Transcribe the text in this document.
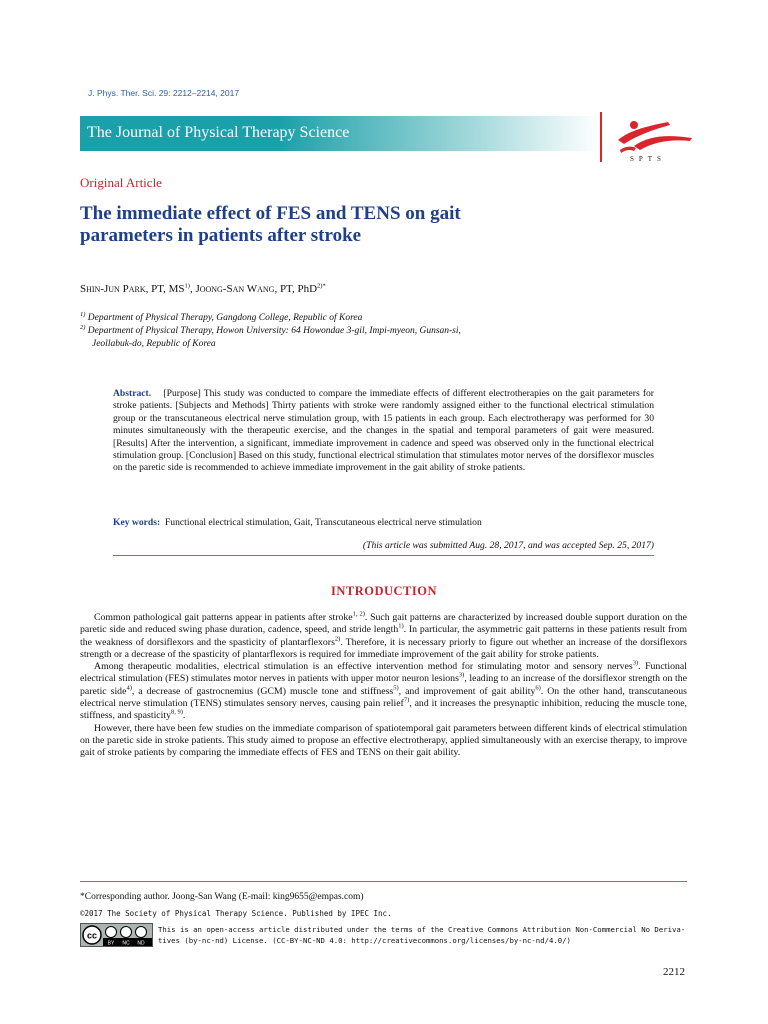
J. Phys. Ther. Sci. 29: 2212–2214, 2017
The Journal of Physical Therapy Science
SPTS
Original Article
The immediate effect of FES and TENS on gait
parameters in patients after stroke
Shin-Jun Park, PT, MS$^{1)}$, Joong-San Wang, PT, PhD$^{2)*}$
$^{1)}$ Department of Physical Therapy, Gangdong College, Republic of Korea
$^{2)}$ Department of Physical Therapy, Howon University: 64 Howondae 3-gil, Impi-myeon, Gunsan-si,
Jeollabuk-do, Republic of Korea
Abstract. [Purpose] This study was conducted to compare the immediate effects of different electrotherapies on the gait parameters for stroke patients. [Subjects and Methods] Thirty patients with stroke were randomly assigned either to the functional electrical stimulation group or the transcutaneous electrical nerve stimulation group, with 15 patients in each group. Each electrotherapy was performed for 30 minutes simultaneously with the therapeutic exercise, and the changes in the spatial and temporal parameters of gait were measured. [Results] After the intervention, a significant, immediate improvement in cadence and speed was observed only in the functional electrical stimulation group. [Conclusion] Based on this study, functional electrical stimulation that stimulates motor nerves of the dorsiflexor muscles on the paretic side is recommended to achieve immediate improvement in the gait ability of stroke patients.
Key words: Functional electrical stimulation, Gait, Transcutaneous electrical nerve stimulation
(This article was submitted Aug. 28, 2017, and was accepted Sep. 25, 2017)
INTRODUCTION

Common pathological gait patterns appear in patients after stroke$^{1, 2)}$. Such gait patterns are characterized by increased double support duration on the paretic side and reduced swing phase duration, cadence, speed, and stride length$^{1)}$. In particular, the asymmetric gait patterns in these patients result from the weakness of dorsiflexors and the spasticity of plantarflexors$^{2)}$. Therefore, it is necessary priorly to figure out whether an increase of the dorsiflexors strength or a decrease of the spasticity of plantarflexors is required for immediate improvement of the gait ability for stroke patients.

Among therapeutic modalities, electrical stimulation is an effective intervention method for stimulating motor and sensory nerves$^{3)}$. Functional electrical stimulation (FES) stimulates motor nerves in patients with upper motor neuron lesions$^{3)}$, leading to an increase of the dorsiflexor strength on the paretic side$^{4)}$, a decrease of gastrocnemius (GCM) muscle tone and stiffness$^{5)}$, and improvement of gait ability$^{6)}$. On the other hand, transcutaneous electrical nerve stimulation (TENS) stimulates sensory nerves, causing pain relief$^{7)}$, and it increases the presynaptic inhibition, reducing the muscle tone, stiffness, and spasticity$^{8, 9)}$.

However, there have been few studies on the immediate comparison of spatiotemporal gait parameters between different kinds of electrical stimulation on the paretic side in stroke patients. This study aimed to propose an effective electrotherapy, applied simultaneously with an exercise therapy, to improve gait of stroke patients by comparing the immediate effects of FES and TENS on their gait ability.

*Corresponding author. Joong-San Wang (E-mail: king9655@empas.com)
©2017 The Society of Physical Therapy Science. Published by IPEC Inc.
cc
BY NC ND
This is an open-access article distributed under the terms of the Creative Commons Attribution Non-Commercial No Deriva-
tives (by-nc-nd) License. (CC-BY-NC-ND 4.0: http://creativecommons.org/licenses/by-nc-nd/4.0/)
2212
